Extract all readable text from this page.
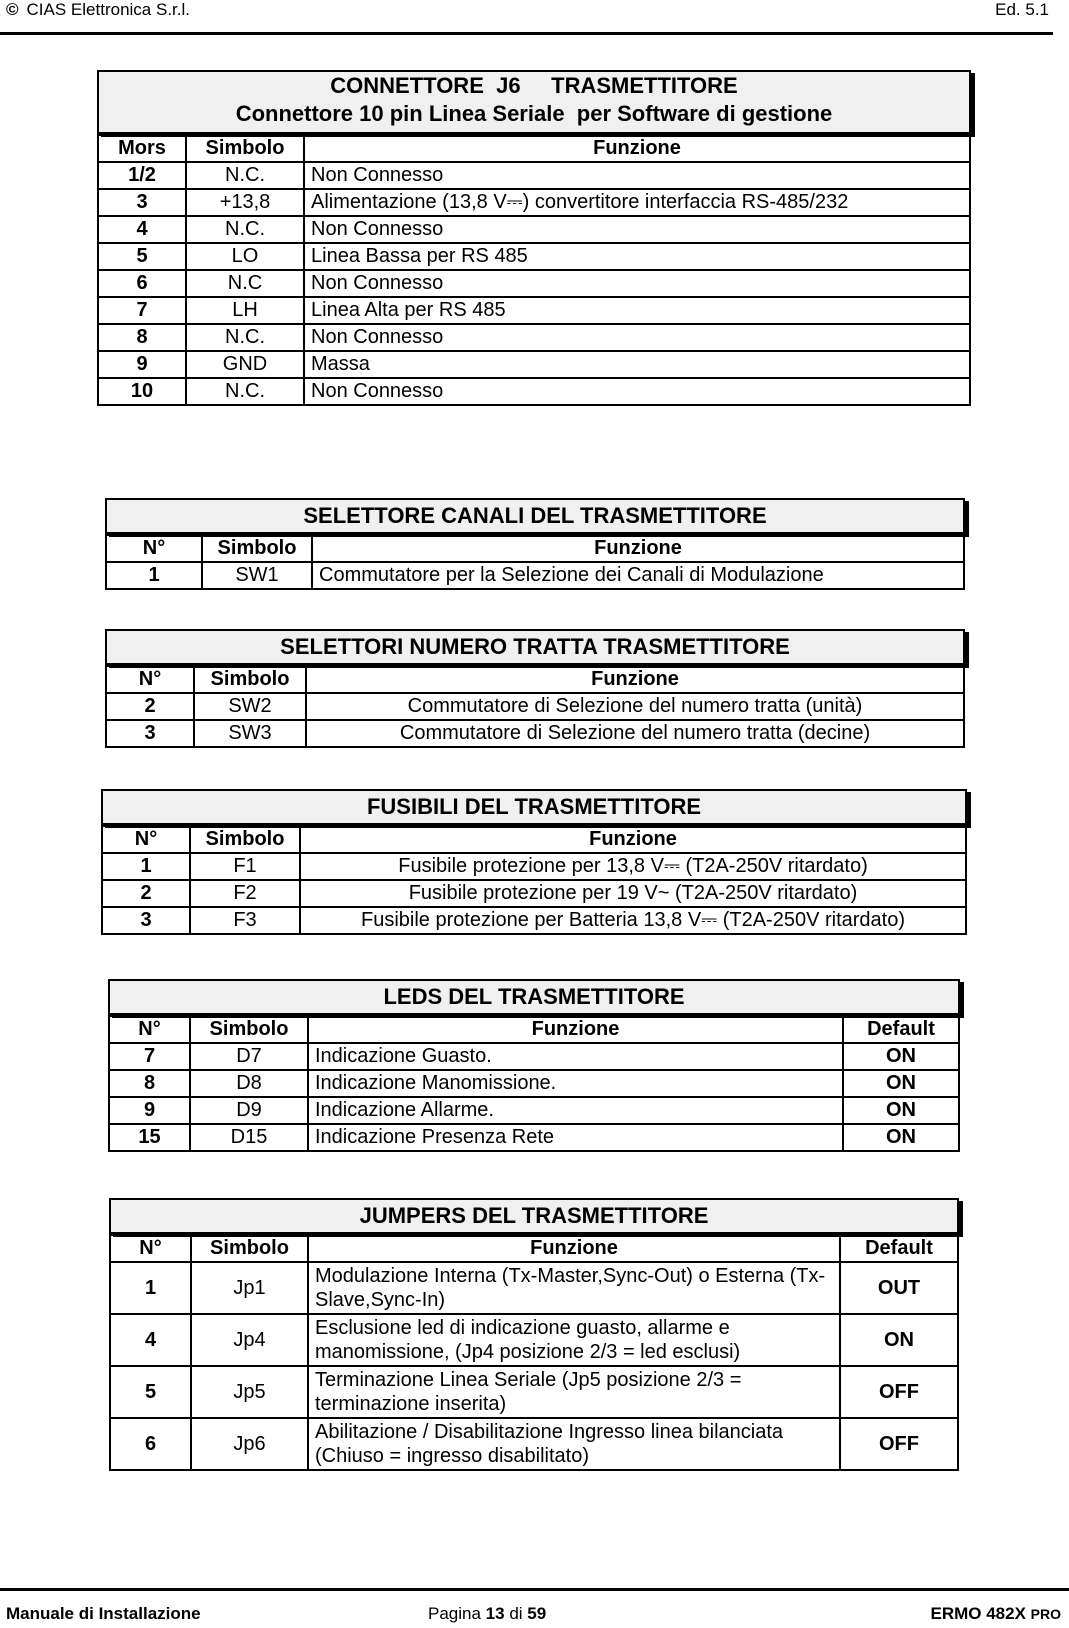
© CIAS Elettronica S.r.l.	Ed. 5.1
CONNETTORE  J6     TRASMETTITORE
Connettore 10 pin Linea Seriale  per Software di gestione
Mors	Simbolo	Funzione
1/2	N.C.	Non Connesso
3	+13,8	Alimentazione (13,8 V⎓) convertitore interfaccia RS-485/232
4	N.C.	Non Connesso
5	LO	Linea Bassa per RS 485
6	N.C	Non Connesso
7	LH	Linea Alta per RS 485
8	N.C.	Non Connesso
9	GND	Massa
10	N.C.	Non Connesso
SELETTORE CANALI DEL TRASMETTITORE
N°	Simbolo	Funzione
1	SW1	Commutatore per la Selezione dei Canali di Modulazione
SELETTORI NUMERO TRATTA TRASMETTITORE
N°	Simbolo	Funzione
2	SW2	Commutatore di Selezione del numero tratta (unità)
3	SW3	Commutatore di Selezione del numero tratta (decine)
FUSIBILI DEL TRASMETTITORE
N°	Simbolo	Funzione
1	F1	Fusibile protezione per 13,8 V⎓ (T2A-250V ritardato)
2	F2	Fusibile protezione per 19 V~ (T2A-250V ritardato)
3	F3	Fusibile protezione per Batteria 13,8 V⎓ (T2A-250V ritardato)
LEDS DEL TRASMETTITORE
N°	Simbolo	Funzione	Default
7	D7	Indicazione Guasto.	ON
8	D8	Indicazione Manomissione.	ON
9	D9	Indicazione Allarme.	ON
15	D15	Indicazione Presenza Rete	ON
JUMPERS DEL TRASMETTITORE
N°	Simbolo	Funzione	Default
1	Jp1	Modulazione Interna (Tx-Master,Sync-Out) o Esterna (Tx-Slave,Sync-In)	OUT
4	Jp4	Esclusione led di indicazione guasto, allarme e manomissione, (Jp4 posizione 2/3 = led esclusi)	ON
5	Jp5	Terminazione Linea Seriale (Jp5 posizione 2/3 = terminazione inserita)	OFF
6	Jp6	Abilitazione / Disabilitazione Ingresso linea bilanciata (Chiuso = ingresso disabilitato)	OFF
Manuale di Installazione	Pagina 13 di 59	ERMO 482X PRO
